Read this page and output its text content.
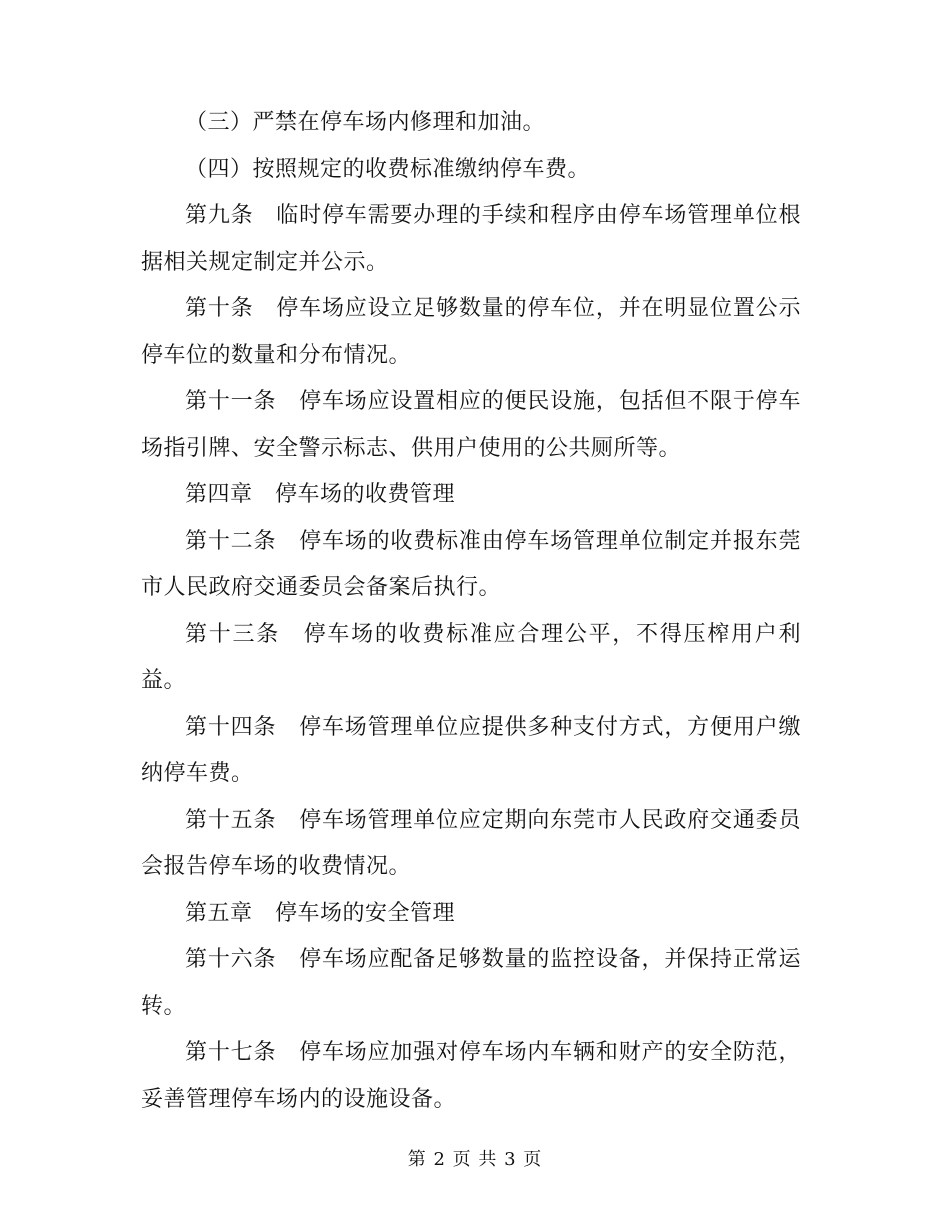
（三）严禁在停车场内修理和加油。

（四）按照规定的收费标准缴纳停车费。

第九条　临时停车需要办理的手续和程序由停车场管理单位根据相关规定制定并公示。

第十条　停车场应设立足够数量的停车位，并在明显位置公示停车位的数量和分布情况。

第十一条　停车场应设置相应的便民设施，包括但不限于停车场指引牌、安全警示标志、供用户使用的公共厕所等。

第四章　停车场的收费管理

第十二条　停车场的收费标准由停车场管理单位制定并报东莞市人民政府交通委员会备案后执行。

第十三条　停车场的收费标准应合理公平，不得压榨用户利益。

第十四条　停车场管理单位应提供多种支付方式，方便用户缴纳停车费。

第十五条　停车场管理单位应定期向东莞市人民政府交通委员会报告停车场的收费情况。

第五章　停车场的安全管理

第十六条　停车场应配备足够数量的监控设备，并保持正常运转。

第十七条　停车场应加强对停车场内车辆和财产的安全防范，妥善管理停车场内的设施设备。

第 2 页 共 3 页
